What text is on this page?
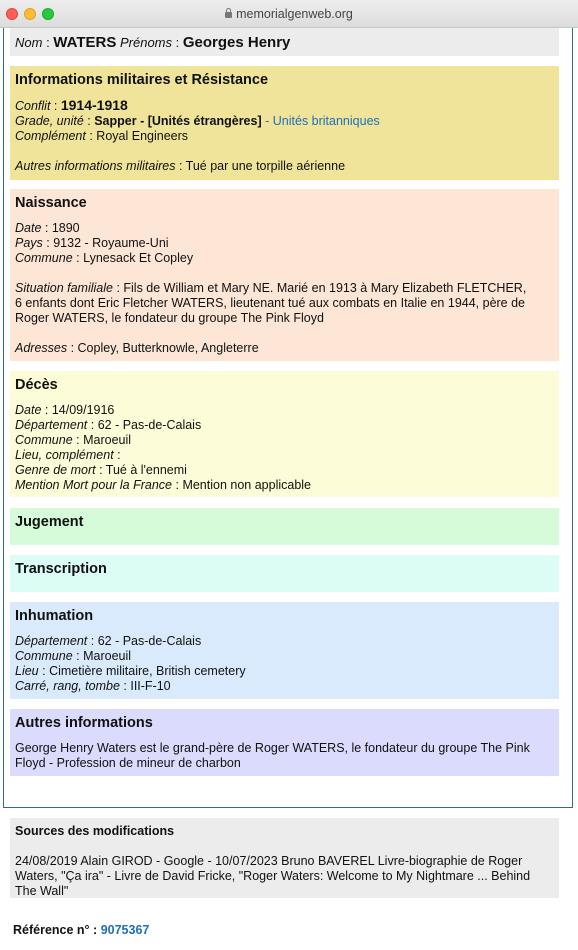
memorialgenweb.org
Nom : WATERS Prénoms : Georges Henry
Informations militaires et Résistance
Conflit : 1914-1918
Grade, unité : Sapper - [Unités étrangères] - Unités britanniques
Complément : Royal Engineers
Autres informations militaires : Tué par une torpille aérienne
Naissance
Date : 1890
Pays : 9132 - Royaume-Uni
Commune : Lynesack Et Copley
Situation familiale : Fils de William et Mary NE. Marié en 1913 à Mary Elizabeth FLETCHER,
6 enfants dont Eric Fletcher WATERS, lieutenant tué aux combats en Italie en 1944, père de
Roger WATERS, le fondateur du groupe The Pink Floyd
Adresses : Copley, Butterknowle, Angleterre
Décès
Date : 14/09/1916
Département : 62 - Pas-de-Calais
Commune : Maroeuil
Lieu, complément :
Genre de mort : Tué à l'ennemi
Mention Mort pour la France : Mention non applicable
Jugement
Transcription
Inhumation
Département : 62 - Pas-de-Calais
Commune : Maroeuil
Lieu : Cimetière militaire, British cemetery
Carré, rang, tombe : III-F-10
Autres informations
George Henry Waters est le grand-père de Roger WATERS, le fondateur du groupe The Pink
Floyd - Profession de mineur de charbon
Sources des modifications
24/08/2019 Alain GIROD - Google - 10/07/2023 Bruno BAVEREL Livre-biographie de Roger
Waters, "Ça ira" - Livre de David Fricke, "Roger Waters: Welcome to My Nightmare ... Behind
The Wall"
Référence n° : 9075367
